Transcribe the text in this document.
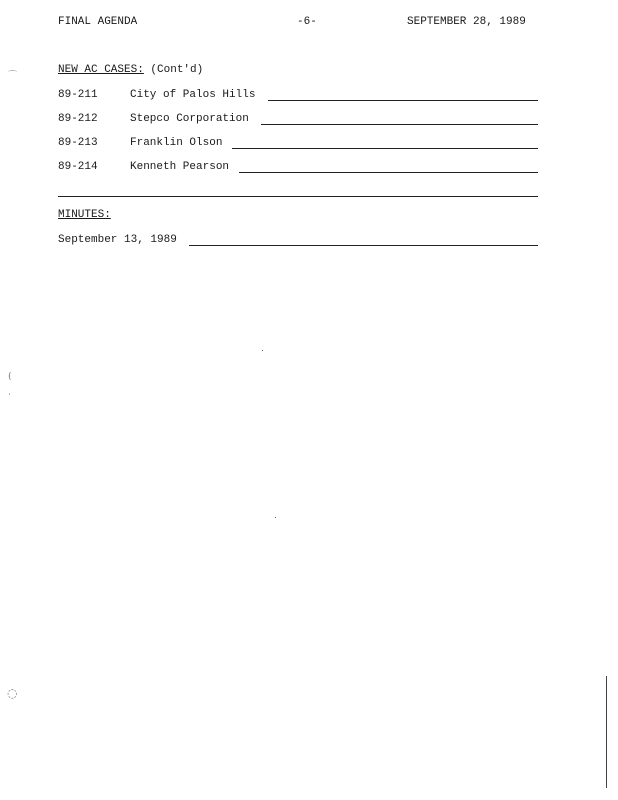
FINAL AGENDA	-6-	SEPTEMBER 28, 1989
NEW AC CASES: (Cont'd)
89-211	City of Palos Hills
89-212	Stepco Corporation
89-213	Franklin Olson
89-214	Kenneth Pearson
MINUTES:
September 13, 1989
⌒
(
·
◌
